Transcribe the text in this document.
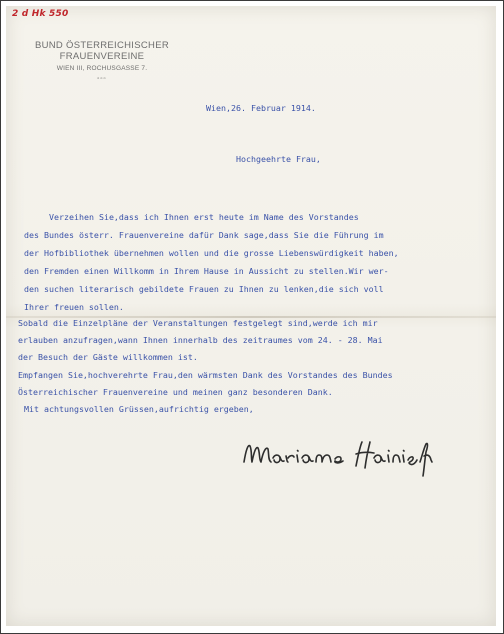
2 d Hk 550
BUND ÖSTERREICHISCHER
FRAUENVEREINE
WIEN III, ROCHUSGASSE 7.
▫▫▫
Wien,26. Februar 1914.
Hochgeehrte Frau,
Verzeihen Sie,dass ich Ihnen erst heute im Name des Vorstandes
des Bundes österr. Frauenvereine dafür Dank sage,dass Sie die Führung im
der Hofbibliothek übernehmen wollen und die grosse Liebenswürdigkeit haben,
den Fremden einen Willkomm in Ihrem Hause in Aussicht zu stellen.Wir wer-
den suchen literarisch gebildete Frauen zu Ihnen zu lenken,die sich voll
Ihrer freuen sollen.
Sobald die Einzelpläne der Veranstaltungen festgelegt sind,werde ich mir
erlauben anzufragen,wann Ihnen innerhalb des zeitraumes vom 24. - 28. Mai
der Besuch der Gäste willkommen ist.
Empfangen Sie,hochverehrte Frau,den wärmsten Dank des Vorstandes des Bundes
Österreichischer Frauenvereine und meinen ganz besonderen Dank.
Mit achtungsvollen Grüssen,aufrichtig ergeben,
